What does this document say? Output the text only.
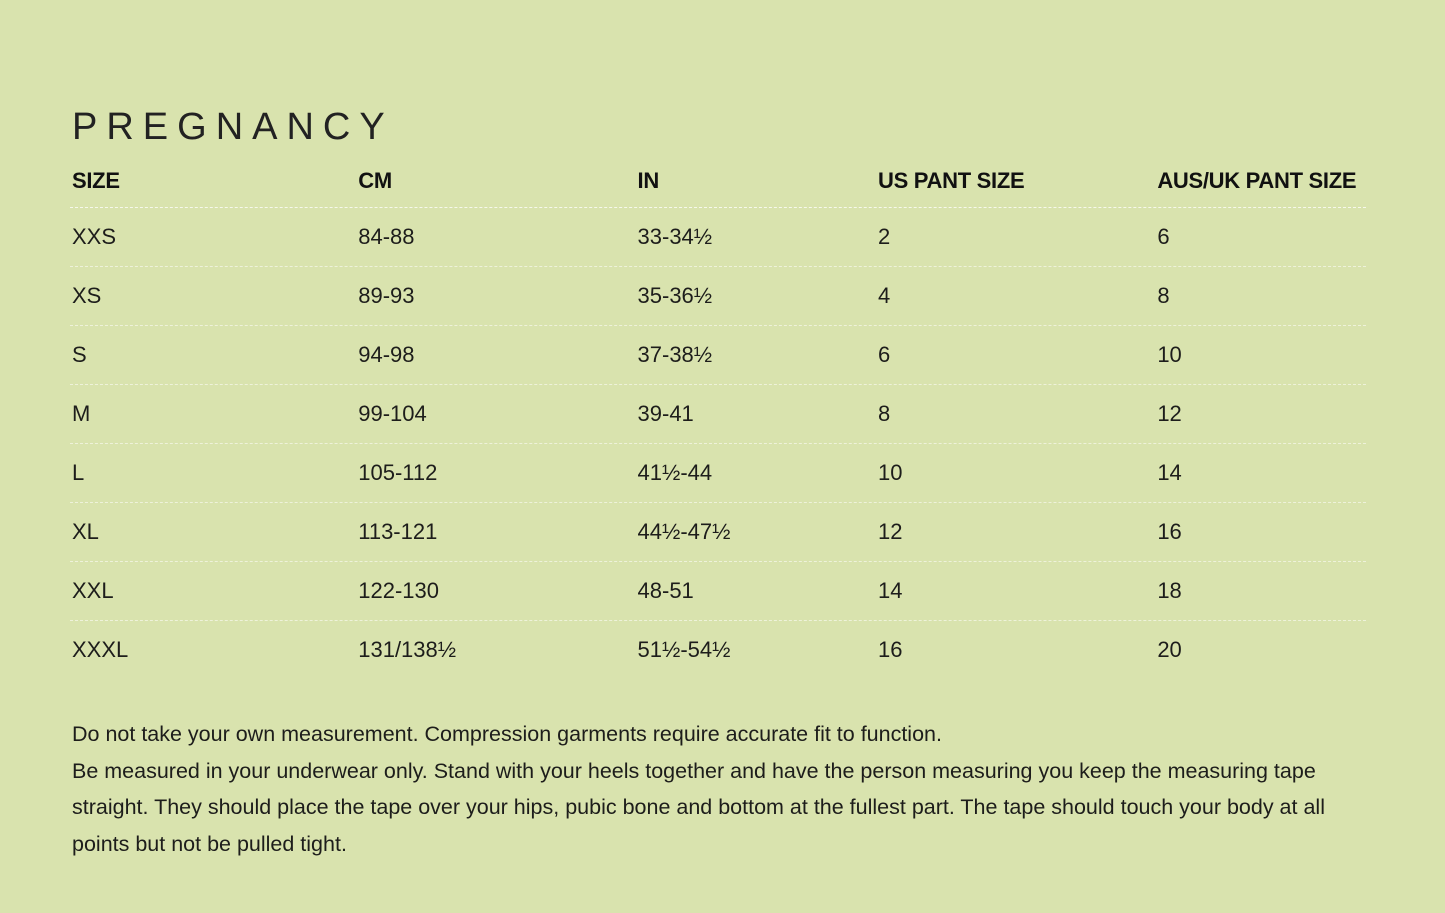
PREGNANCY
SIZE	CM	IN	US PANT SIZE	AUS/UK PANT SIZE
XXS	84-88	33-34½	2	6
XS	89-93	35-36½	4	8
S	94-98	37-38½	6	10
M	99-104	39-41	8	12
L	105-112	41½-44	10	14
XL	113-121	44½-47½	12	16
XXL	122-130	48-51	14	18
XXXL	131/138½	51½-54½	16	20

Do not take your own measurement. Compression garments require accurate fit to function.

Be measured in your underwear only. Stand with your heels together and have the person measuring you keep the measuring tape straight. They should place the tape over your hips, pubic bone and bottom at the fullest part. The tape should touch your body at all points but not be pulled tight.
